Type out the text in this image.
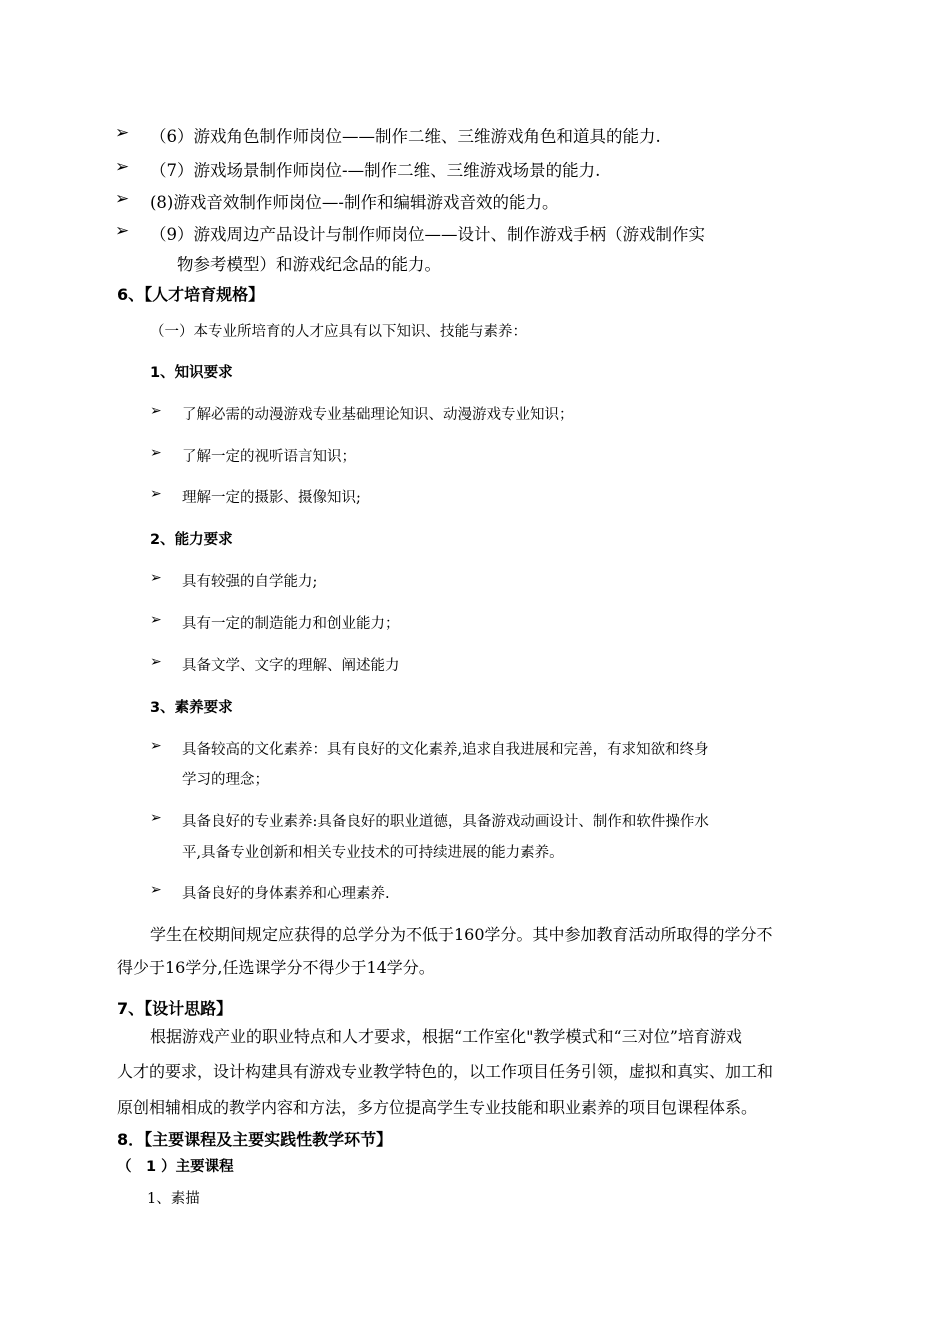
➢ （6）游戏角色制作师岗位——制作二维、三维游戏角色和道具的能力.
➢ （7）游戏场景制作师岗位-—制作二维、三维游戏场景的能力.
➢ (8)游戏音效制作师岗位—-制作和编辑游戏音效的能力。
➢ （9）游戏周边产品设计与制作师岗位——设计、制作游戏手柄（游戏制作实
物参考模型）和游戏纪念品的能力。
6、【人才培育规格】
（一）本专业所培育的人才应具有以下知识、技能与素养：
1、知识要求
➢ 了解必需的动漫游戏专业基础理论知识、动漫游戏专业知识；
➢ 了解一定的视听语言知识；
➢ 理解一定的摄影、摄像知识;
2、能力要求
➢ 具有较强的自学能力;
➢ 具有一定的制造能力和创业能力；
➢ 具备文学、文字的理解、阐述能力
3、素养要求
➢ 具备较高的文化素养：具有良好的文化素养,追求自我进展和完善，有求知欲和终身
学习的理念；
➢ 具备良好的专业素养:具备良好的职业道德，具备游戏动画设计、制作和软件操作水
平,具备专业创新和相关专业技术的可持续进展的能力素养。
➢ 具备良好的身体素养和心理素养.
学生在校期间规定应获得的总学分为不低于160学分。其中参加教育活动所取得的学分不
得少于16学分,任选课学分不得少于14学分。
7、【设计思路】
根据游戏产业的职业特点和人才要求，根据“工作室化"教学模式和“三对位”培育游戏
人才的要求，设计构建具有游戏专业教学特色的，以工作项目任务引领，虚拟和真实、加工和
原创相辅相成的教学内容和方法，多方位提高学生专业技能和职业素养的项目包课程体系。
8．【主要课程及主要实践性教学环节】
（　1 ）主要课程
1、素描
